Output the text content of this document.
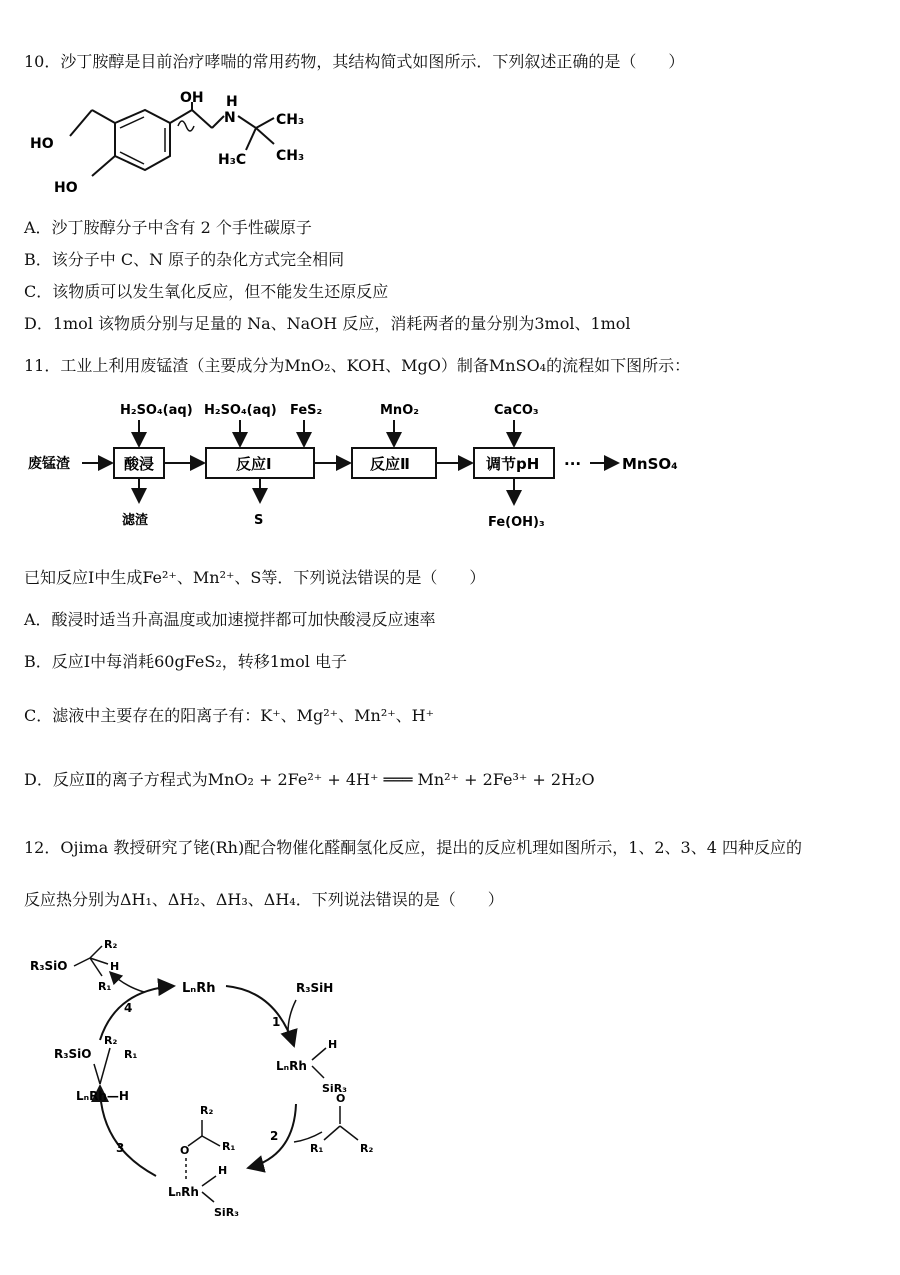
10．沙丁胺醇是目前治疗哮喘的常用药物，其结构简式如图所示．下列叙述正确的是（　　）
OH
N
H
HO
HO
CH₃
CH₃
H₃C
A．沙丁胺醇分子中含有 2 个手性碳原子
B．该分子中 C、N 原子的杂化方式完全相同
C．该物质可以发生氧化反应，但不能发生还原反应
D．1mol 该物质分别与足量的 Na、NaOH 反应，消耗两者的量分别为3mol、1mol
11．工业上利用废锰渣（主要成分为MnO₂、KOH、MgO）制备MnSO₄的流程如下图所示：
废锰渣	酸浸	反应Ⅰ	反应Ⅱ	调节pH ···	MnSO₄
H₂SO₄(aq) H₂SO₄(aq) FeS₂	MnO₂	CaCO₃
滤渣	S	Fe(OH)₃
已知反应Ⅰ中生成Fe²⁺、Mn²⁺、S等．下列说法错误的是（　　）
A．酸浸时适当升高温度或加速搅拌都可加快酸浸反应速率
B．反应Ⅰ中每消耗60gFeS₂，转移1mol 电子
C．滤液中主要存在的阳离子有：K⁺、Mg²⁺、Mn²⁺、H⁺
D．反应Ⅱ的离子方程式为MnO₂ + 2Fe²⁺ + 4H⁺ ═══ Mn²⁺ + 2Fe³⁺ + 2H₂O
12．Ojima 教授研究了铑(Rh)配合物催化醛酮氢化反应，提出的反应机理如图所示，1、2、3、4 四种反应的
反应热分别为ΔH₁、ΔH₂、ΔH₃、ΔH₄．下列说法错误的是（　　）
R₃SiO
R₂
H
R₁	LₙRh	R₃SiH
1
LₙRh
H
SiR₃
2
O
R₁	R₂
R₂
R₁
O
LₙRh
H
SiR₃
3
R₃SiO
R₂
R₁
LₙRh—H
4
